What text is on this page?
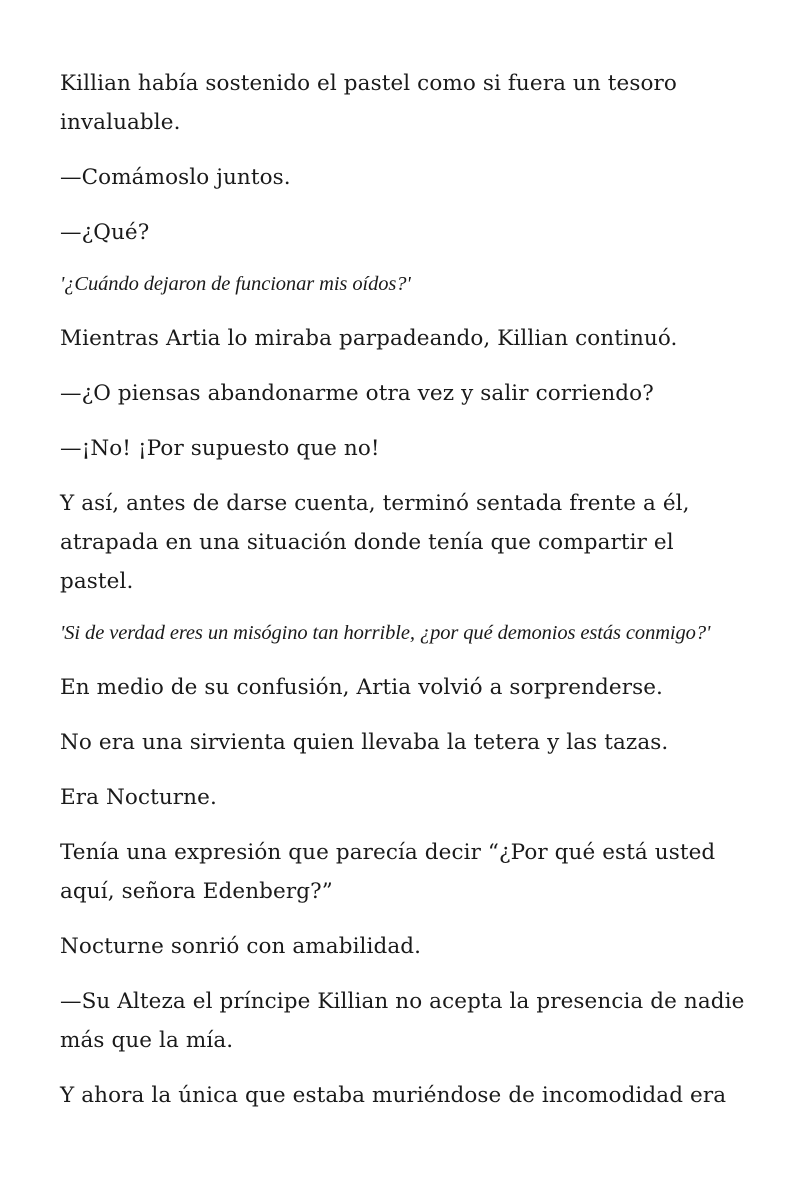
Killian había sostenido el pastel como si fuera un tesoro invaluable.

—Comámoslo juntos.

—¿Qué?

'¿Cuándo dejaron de funcionar mis oídos?'

Mientras Artia lo miraba parpadeando, Killian continuó.

—¿O piensas abandonarme otra vez y salir corriendo?

—¡No! ¡Por supuesto que no!

Y así, antes de darse cuenta, terminó sentada frente a él, atrapada en una situación donde tenía que compartir el pastel.

'Si de verdad eres un misógino tan horrible, ¿por qué demonios estás conmigo?'

En medio de su confusión, Artia volvió a sorprenderse.

No era una sirvienta quien llevaba la tetera y las tazas.

Era Nocturne.

Tenía una expresión que parecía decir “¿Por qué está usted aquí, señora Edenberg?”

Nocturne sonrió con amabilidad.

—Su Alteza el príncipe Killian no acepta la presencia de nadie más que la mía.

Y ahora la única que estaba muriéndose de incomodidad era
